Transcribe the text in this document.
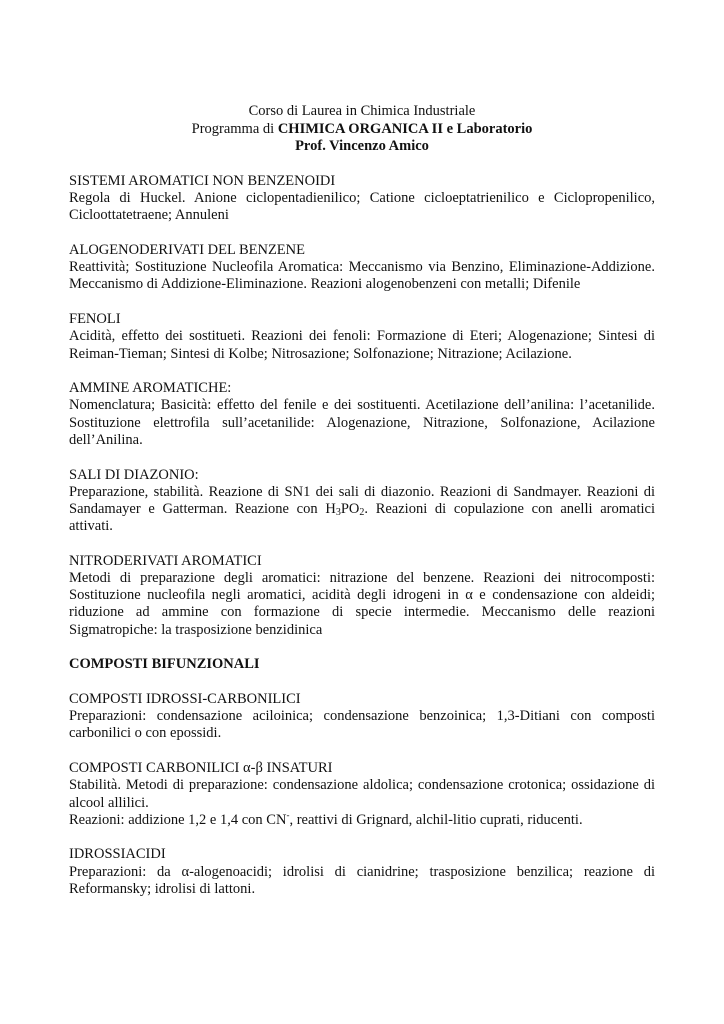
Corso di Laurea in Chimica Industriale
Programma di CHIMICA ORGANICA II e Laboratorio
Prof. Vincenzo Amico
SISTEMI AROMATICI NON BENZENOIDI
Regola di Huckel. Anione ciclopentadienilico; Catione cicloeptatrienilico e Ciclopropenilico, Cicloottatetraene; Annuleni
ALOGENODERIVATI DEL BENZENE
Reattività; Sostituzione Nucleofila Aromatica: Meccanismo via Benzino, Eliminazione-Addizione. Meccanismo di Addizione-Eliminazione. Reazioni alogenobenzeni con metalli; Difenile
FENOLI
Acidità, effetto dei sostitueti. Reazioni dei fenoli: Formazione di Eteri; Alogenazione; Sintesi di Reiman-Tieman; Sintesi di Kolbe; Nitrosazione; Solfonazione; Nitrazione; Acilazione.
AMMINE AROMATICHE:
Nomenclatura; Basicità: effetto del fenile e dei sostituenti. Acetilazione dell’anilina: l’acetanilide. Sostituzione elettrofila sull’acetanilide: Alogenazione, Nitrazione, Solfonazione, Acilazione dell’Anilina.
SALI DI DIAZONIO:
Preparazione, stabilità. Reazione di SN1 dei sali di diazonio. Reazioni di Sandmayer. Reazioni di Sandamayer e Gatterman. Reazione con $H_3PO_2$. Reazioni di copulazione con anelli aromatici attivati.
NITRODERIVATI AROMATICI
Metodi di preparazione degli aromatici: nitrazione del benzene. Reazioni dei nitrocomposti: Sostituzione nucleofila negli aromatici, acidità degli idrogeni in α e condensazione con aldeidi; riduzione ad ammine con formazione di specie intermedie. Meccanismo delle reazioni Sigmatropiche: la trasposizione benzidinica
COMPOSTI BIFUNZIONALI
COMPOSTI IDROSSI-CARBONILICI
Preparazioni: condensazione aciloinica; condensazione benzoinica; 1,3-Ditiani con composti carbonilici o con epossidi.
COMPOSTI CARBONILICI α-β INSATURI
Stabilità. Metodi di preparazione: condensazione aldolica; condensazione crotonica; ossidazione di alcool allilici.
Reazioni: addizione 1,2 e 1,4 con CN-, reattivi di Grignard, alchil-litio cuprati, riducenti.
IDROSSIACIDI
Preparazioni: da α-alogenoacidi; idrolisi di cianidrine; trasposizione benzilica; reazione di Reformansky; idrolisi di lattoni.
